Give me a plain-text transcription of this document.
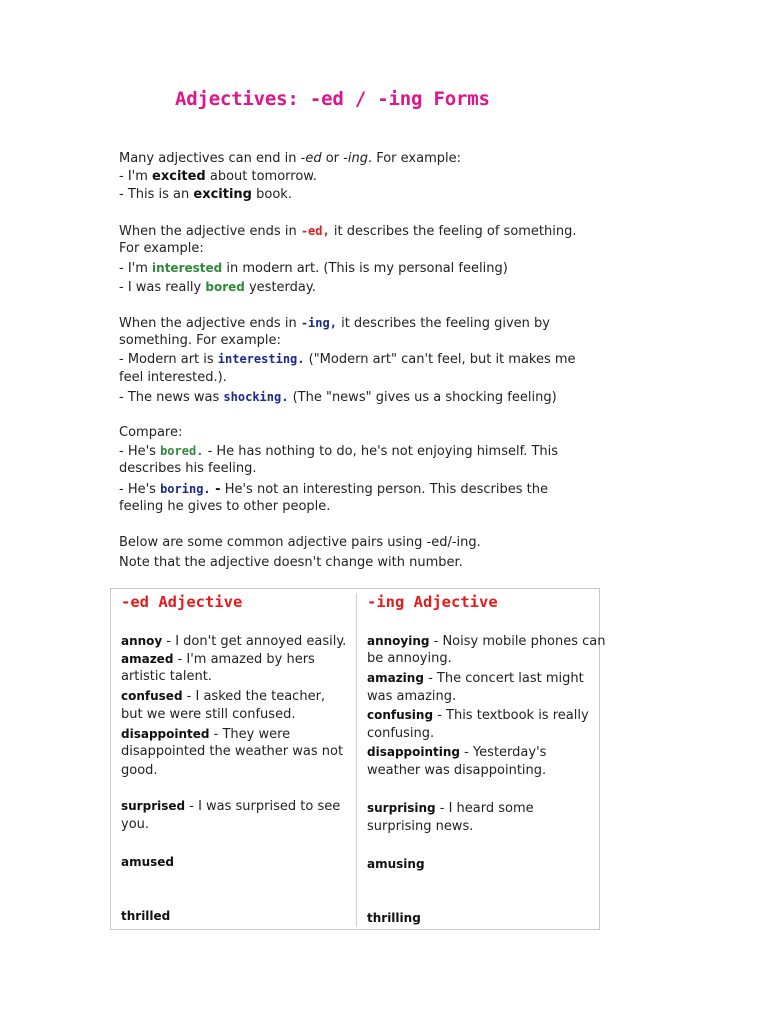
Adjectives: -ed / -ing Forms
Many adjectives can end in -ed or -ing. For example:
- I'm excited about tomorrow.
- This is an exciting book.
When the adjective ends in -ed, it describes the feeling of something.
For example:
- I'm interested in modern art. (This is my personal feeling)
- I was really bored yesterday.
When the adjective ends in -ing, it describes the feeling given by
something. For example:
- Modern art is interesting. ("Modern art" can't feel, but it makes me
feel interested.).
- The news was shocking. (The "news" gives us a shocking feeling)
Compare:
- He's bored. - He has nothing to do, he's not enjoying himself. This
describes his feeling.
- He's boring. - He's not an interesting person. This describes the
feeling he gives to other people.
Below are some common adjective pairs using -ed/-ing.
Note that the adjective doesn't change with number.
-ed Adjective
annoy - I don't get annoyed easily.
amazed - I'm amazed by hers
artistic talent.
confused - I asked the teacher,
but we were still confused.
disappointed - They were
disappointed the weather was not
good.
surprised - I was surprised to see
you.
amused
thrilled
-ing Adjective
annoying - Noisy mobile phones can
be annoying.
amazing - The concert last might
was amazing.
confusing - This textbook is really
confusing.
disappointing - Yesterday's
weather was disappointing.
surprising - I heard some
surprising news.
amusing
thrilling
